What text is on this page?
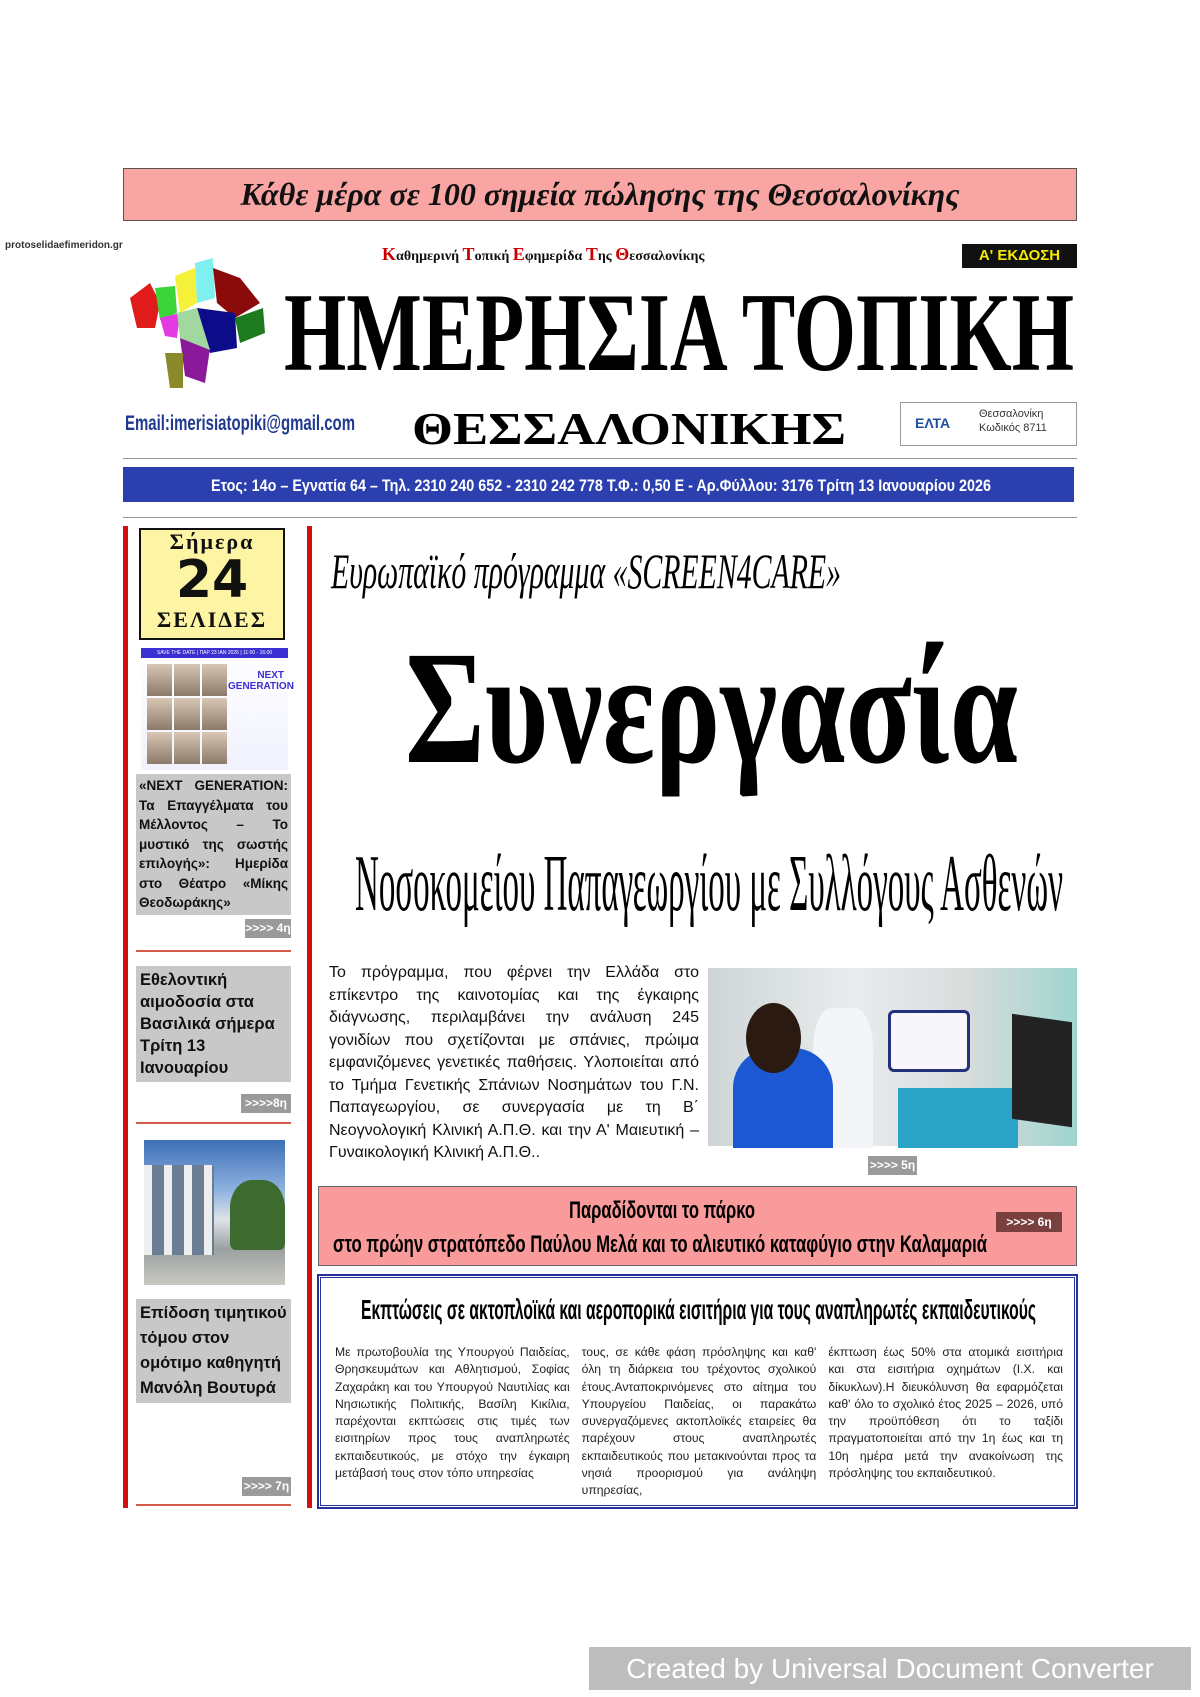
Κάθε μέρα σε 100 σημεία πώλησης της Θεσσαλονίκης
protoselidaefimeridon.gr	Καθημερινή Τοπική Εφημερίδα Της Θεσσαλονίκης
ΗΜΕΡΗΣΙΑ ΤΟΠΙΚΗ
Α' ΕΚΔΟΣΗ
Email:imerisiatopiki@gmail.com ΘΕΣΣΑΛΟΝΙΚΗΣ	ΕΛΤΑ
Θεσσαλονίκη
Κωδικός 8711
Ετος: 14ο – Εγνατία 64 – Τηλ. 2310 240 652 - 2310 242 778 Τ.Φ.: 0,50 Ε - Αρ.Φύλλου: 3176 Τρίτη 13 Ιανουαρίου 2026
Σήμερα
24
ΣΕΛΙΔΕΣ
SAVE THE DATE | ΠΑΡ 23 ΙΑΝ 2026 | 11:00 - 16:00
NEXT GENERATION
«NEXT GENERATION: Τα Επαγγέλματα του Μέλλοντος – Το μυστικό της σωστής επιλογής»: Ημερίδα στο Θέατρο «Μίκης Θεοδωράκης»
>>>> 4η
Εθελοντική αιμοδοσία στα Βασιλικά σήμερα Τρίτη 13 Ιανουαρίου
>>>>8η
Επίδοση τιμητικού τόμου στον ομότιμο καθηγητή Μανόλη Βουτυρά
>>>> 7η
Ευρωπαϊκό πρόγραμμα «SCREEN4CARE»
Συνεργασία
Νοσοκομείου Παπαγεωργίου με Συλλόγους Ασθενών
Το πρόγραμμα, που φέρνει την Ελλάδα στο επίκεντρο της καινοτομίας και της έγκαιρης διάγνωσης, περιλαμβάνει την ανάλυση 245 γονιδίων που σχετίζονται με σπάνιες, πρώιμα εμφανιζόμενες γενετικές παθήσεις. Υλοποιείται από το Τμήμα Γενετικής Σπάνιων Νοσημάτων του Γ.Ν. Παπαγεωργίου, σε συνεργασία με τη Β΄ Νεογνολογική Κλινική Α.Π.Θ. και την Α' Μαιευτική – Γυναικολογική Κλινική Α.Π.Θ..
>>>> 5η
Παραδίδονται το πάρκο
στο πρώην στρατόπεδο Παύλου Μελά και το αλιευτικό καταφύγιο στην Καλαμαριά
>>>> 6η
Εκπτώσεις σε ακτοπλοϊκά και αεροπορικά εισιτήρια για τους αναπληρωτές εκπαιδευτικούς

Με πρωτοβουλία της Υπουργού Παιδείας, Θρησκευμάτων και Αθλητισμού, Σοφίας Ζαχαράκη και του Υπουργού Ναυτιλίας και Νησιωτικής Πολιτικής, Βασίλη Κικίλια, παρέχονται εκπτώσεις στις τιμές των εισιτηρίων προς τους αναπληρωτές εκπαιδευτικούς, με στόχο την έγκαιρη μετάβασή τους στον τόπο υπηρεσίας

τους, σε κάθε φάση πρόσληψης και καθ' όλη τη διάρκεια του τρέχοντος σχολικού έτους.Ανταποκρινόμενες στο αίτημα του Υπουργείου Παιδείας, οι παρακάτω συνεργαζόμενες ακτοπλοϊκές εταιρείες θα παρέχουν στους αναπληρωτές εκπαιδευτικούς που μετακινούνται προς τα νησιά προορισμού για ανάληψη υπηρεσίας,

έκπτωση έως 50% στα ατομικά εισιτήρια και στα εισιτήρια οχημάτων (Ι.Χ. και δίκυκλων).Η διευκόλυνση θα εφαρμόζεται καθ' όλο το σχολικό έτος 2025 – 2026, υπό την προϋπόθεση ότι το ταξίδι πραγματοποιείται από την 1η έως και τη 10η ημέρα μετά την ανακοίνωση της πρόσληψης του εκπαιδευτικού.

Created by Universal Document Converter
